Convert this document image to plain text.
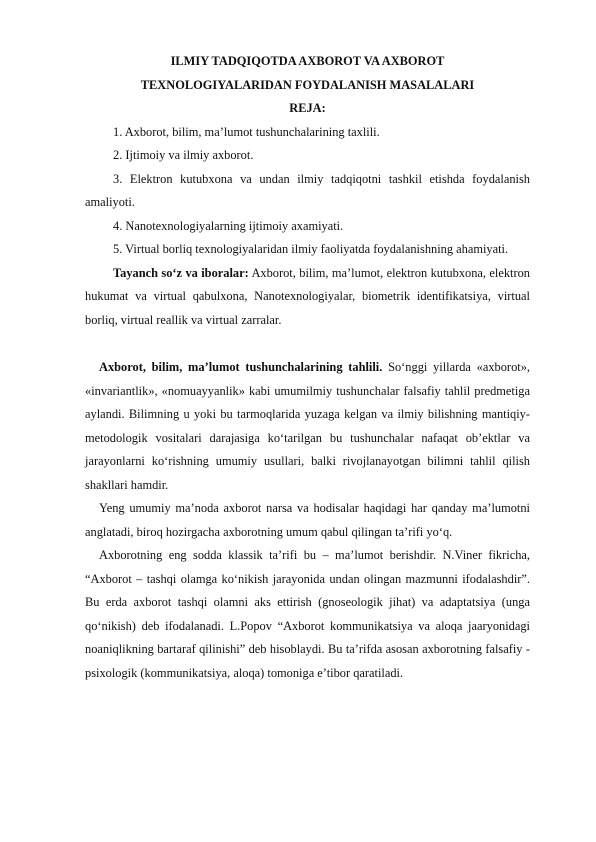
ILMIY TADQIQOTDA AXBOROT VA AXBOROT
TEXNOLOGIYALARIDAN FOYDALANISH MASALALARI

REJA:

1. Axborot, bilim, ma’lumot tushunchalarining taxlili.

2. Ijtimoiy va ilmiy axborot.

3. Elektron kutubxona va undan ilmiy tadqiqotni tashkil etishda foydalanish amaliyoti.

4. Nanotexnologiyalarning ijtimoiy axamiyati.

5. Virtual borliq texnologiyalaridan ilmiy faoliyatda foydalanishning ahamiyati.

Tayanch so‘z va iboralar: Axborot, bilim, ma’lumot, elektron kutubxona, elektron hukumat va virtual qabulxona, Nanotexnologiyalar, biometrik identifikatsiya, virtual borliq, virtual reallik va virtual zarralar.

Axborot, bilim, ma’lumot tushunchalarining tahlili. So‘nggi yillarda «axborot», «invariantlik», «nomuayyanlik» kabi umumilmiy tushunchalar falsafiy tahlil predmetiga aylandi. Bilimning u yoki bu tarmoqlarida yuzaga kelgan va ilmiy bilishning mantiqiy-metodologik vositalari darajasiga ko‘tarilgan bu tushunchalar nafaqat ob’ektlar va jarayonlarni ko‘rishning umumiy usullari, balki rivojlanayotgan bilimni tahlil qilish shakllari hamdir.

Yeng umumiy ma’noda axborot narsa va hodisalar haqidagi har qanday ma’lumotni anglatadi, biroq hozirgacha axborotning umum qabul qilingan ta’rifi yo‘q.

Axborotning eng sodda klassik ta’rifi bu – ma’lumot berishdir. N.Viner fikricha, “Axborot – tashqi olamga ko‘nikish jarayonida undan olingan mazmunni ifodalashdir”. Bu erda axborot tashqi olamni aks ettirish (gnoseologik jihat) va adaptatsiya (unga qo‘nikish) deb ifodalanadi. L.Popov “Axborot kommunikatsiya va aloqa jaaryonidagi noaniqlikning bartaraf qilinishi” deb hisoblaydi. Bu ta’rifda asosan axborotning falsafiy -psixologik (kommunikatsiya, aloqa) tomoniga e’tibor qaratiladi.
